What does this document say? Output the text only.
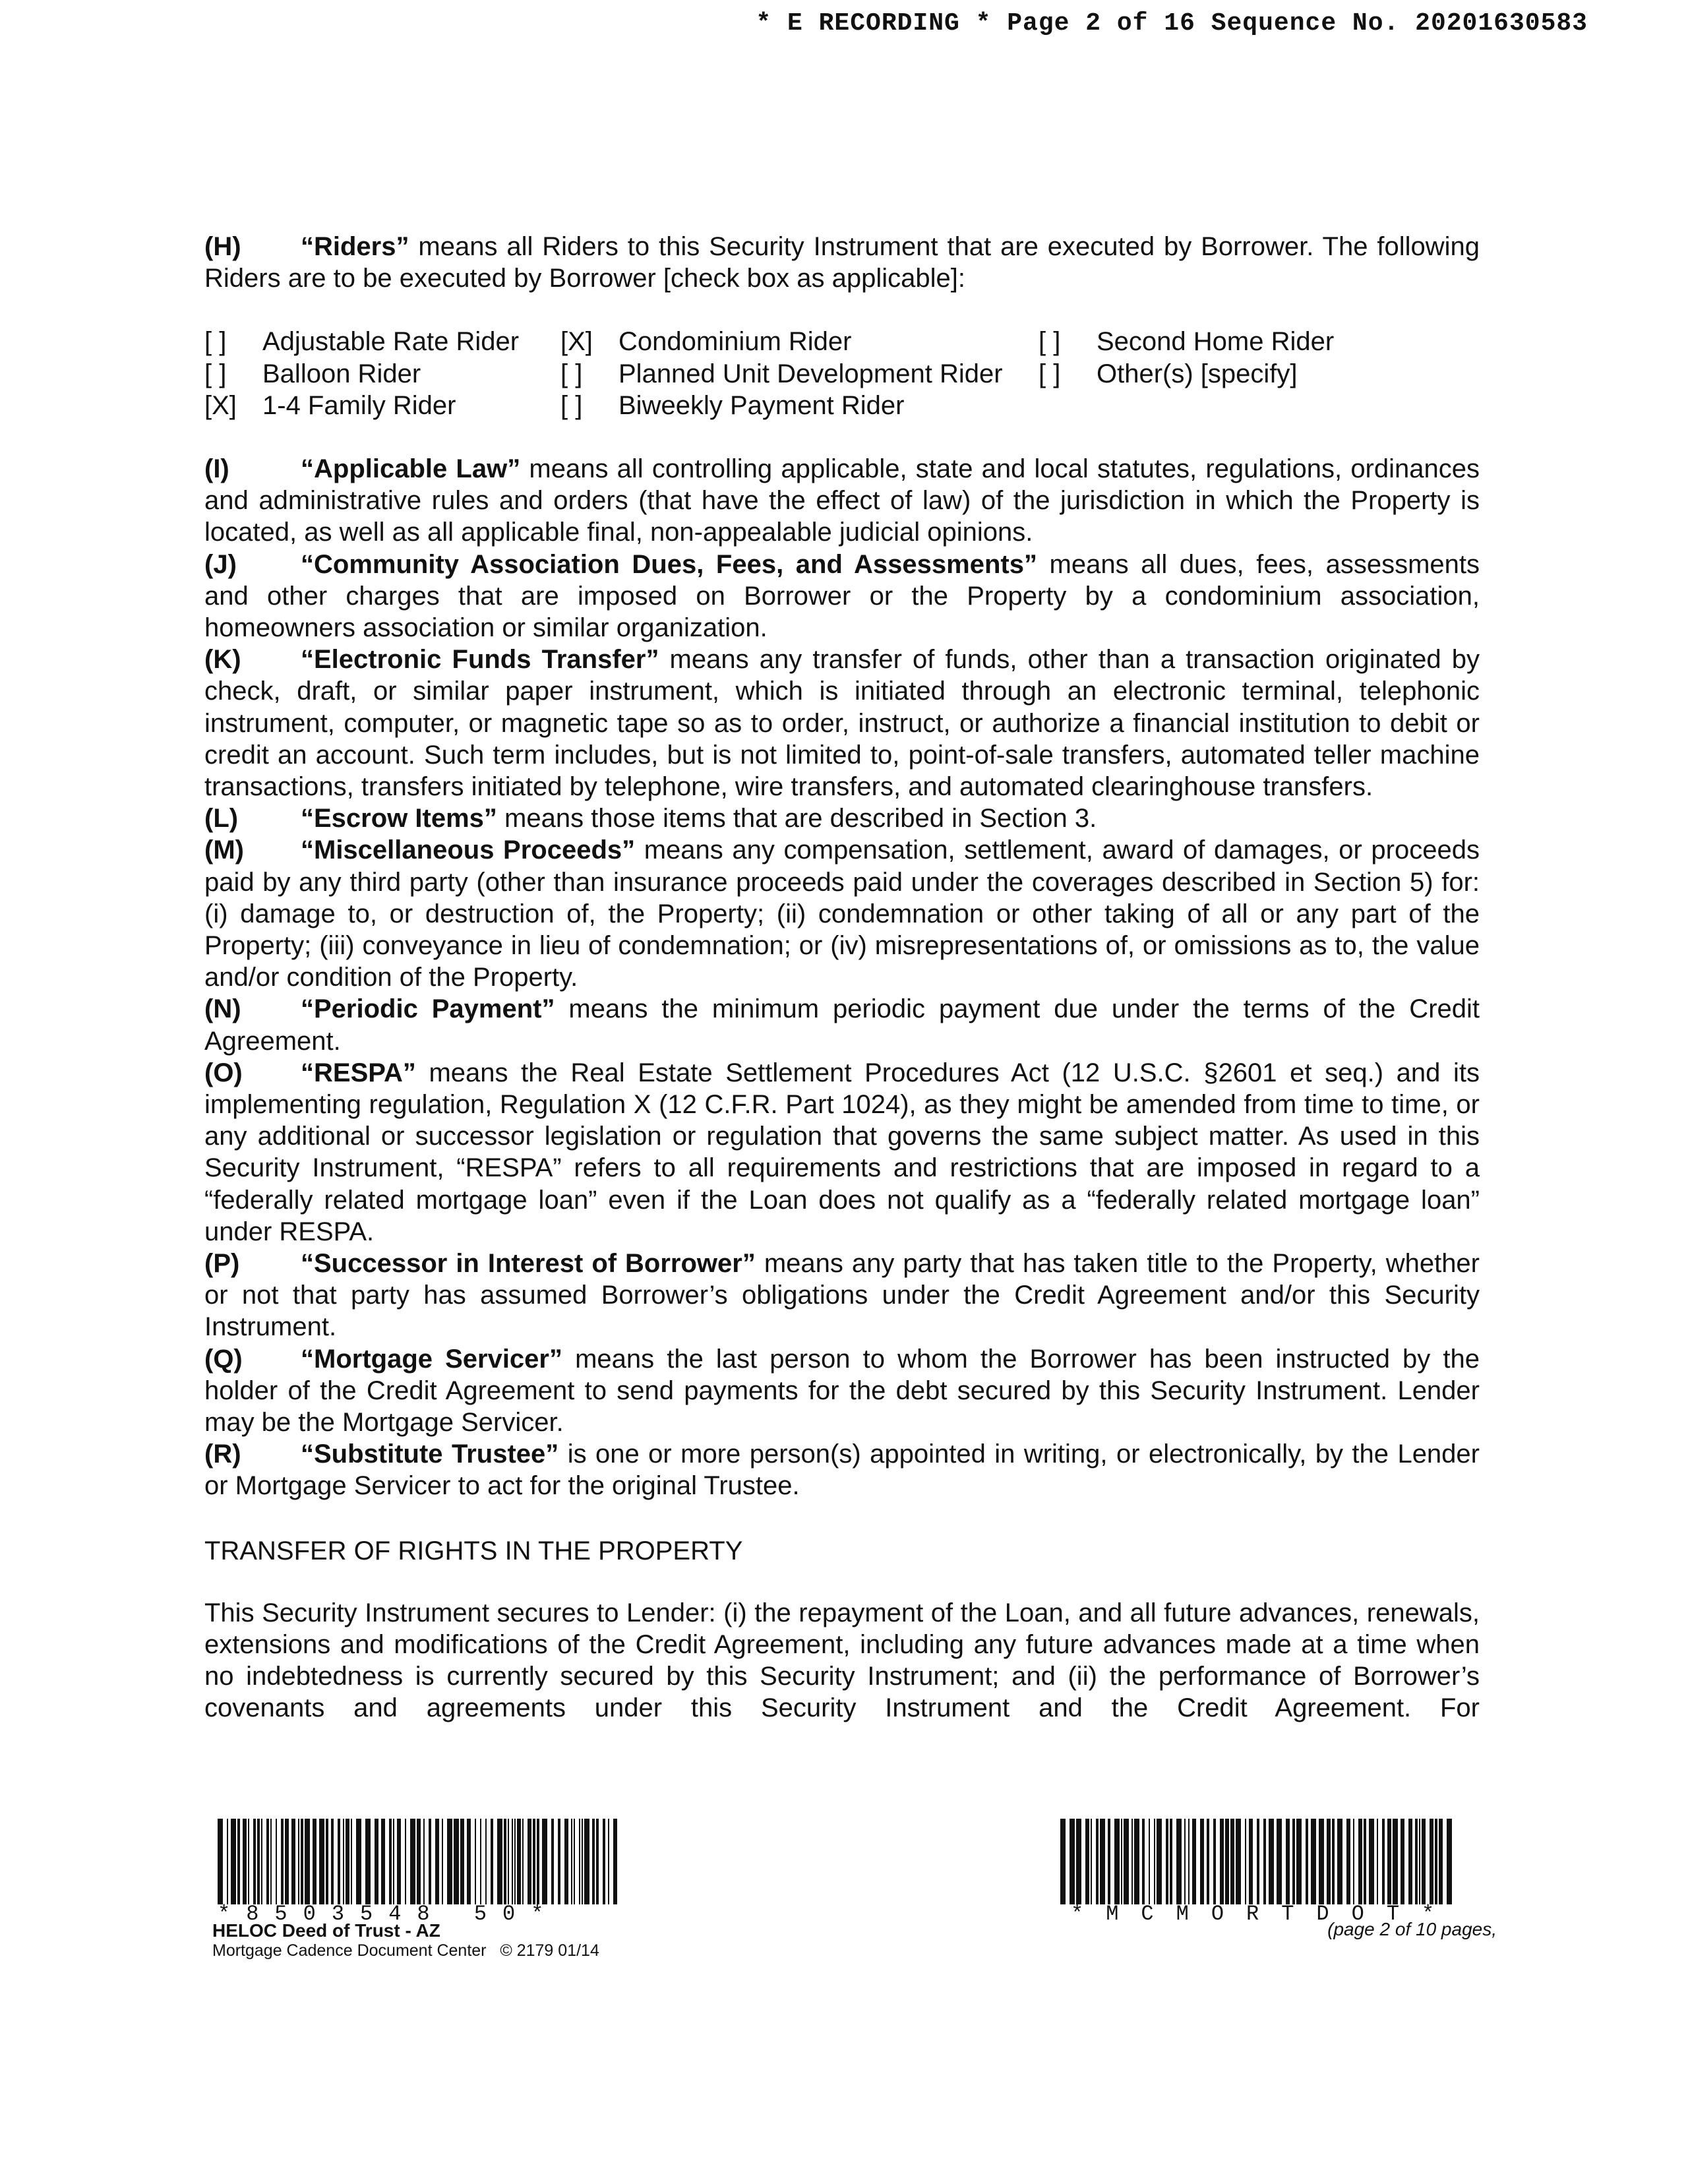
* E RECORDING * Page 2 of 16 Sequence No. 20201630583

(H) “Riders” means all Riders to this Security Instrument that are executed by Borrower. The following Riders are to be executed by Borrower [check box as applicable]:

[ ]	Adjustable Rate Rider [X] Condominium Rider	[ ]	Second Home Rider
[ ]	Balloon Rider	[ ]	Planned Unit Development Rider [ ]	Other(s) [specify]
[X] 1-4 Family Rider	[ ]	Biweekly Payment Rider

(I)	“Applicable Law” means all controlling applicable, state and local statutes, regulations, ordinances and administrative rules and orders (that have the effect of law) of the jurisdiction in which the Property is located, as well as all applicable final, non-appealable judicial opinions.

(J) “Community Association Dues, Fees, and Assessments” means all dues, fees, assessments and other charges that are imposed on Borrower or the Property by a condominium association, homeowners association or similar organization.

(K) “Electronic Funds Transfer” means any transfer of funds, other than a transaction originated by check, draft, or similar paper instrument, which is initiated through an electronic terminal, telephonic instrument, computer, or magnetic tape so as to order, instruct, or authorize a financial institution to debit or credit an account. Such term includes, but is not limited to, point-of-sale transfers, automated teller machine transactions, transfers initiated by telephone, wire transfers, and automated clearinghouse transfers.

(L) “Escrow Items” means those items that are described in Section 3.

(M) “Miscellaneous Proceeds” means any compensation, settlement, award of damages, or proceeds paid by any third party (other than insurance proceeds paid under the coverages described in Section 5) for: (i) damage to, or destruction of, the Property; (ii) condemnation or other taking of all or any part of the Property; (iii) conveyance in lieu of condemnation; or (iv) misrepresentations of, or omissions as to, the value and/or condition of the Property.

(N) “Periodic Payment” means the minimum periodic payment due under the terms of the Credit Agreement.

(O) “RESPA” means the Real Estate Settlement Procedures Act (12 U.S.C. §2601 et seq.) and its implementing regulation, Regulation X (12 C.F.R. Part 1024), as they might be amended from time to time, or any additional or successor legislation or regulation that governs the same subject matter. As used in this Security Instrument, “RESPA” refers to all requirements and restrictions that are imposed in regard to a “federally related mortgage loan” even if the Loan does not qualify as a “federally related mortgage loan” under RESPA.

(P) “Successor in Interest of Borrower” means any party that has taken title to the Property, whether or not that party has assumed Borrower’s obligations under the Credit Agreement and/or this Security Instrument.

(Q) “Mortgage Servicer” means the last person to whom the Borrower has been instructed by the holder of the Credit Agreement to send payments for the debt secured by this Security Instrument. Lender may be the Mortgage Servicer.

(R) “Substitute Trustee” is one or more person(s) appointed in writing, or electronically, by the Lender or Mortgage Servicer to act for the original Trustee.

TRANSFER OF RIGHTS IN THE PROPERTY

This Security Instrument secures to Lender: (i) the repayment of the Loan, and all future advances, renewals, extensions and modifications of the Credit Agreement, including any future advances made at a time when no indebtedness is currently secured by this Security Instrument; and (ii) the performance of Borrower’s covenants and agreements under this Security Instrument and the Credit Agreement. For

*8503548 50*
HELOC Deed of Trust - AZ
Mortgage Cadence Document Center © 2179 01/14
*MCMORTDOT*
(page 2 of 10 pages,
